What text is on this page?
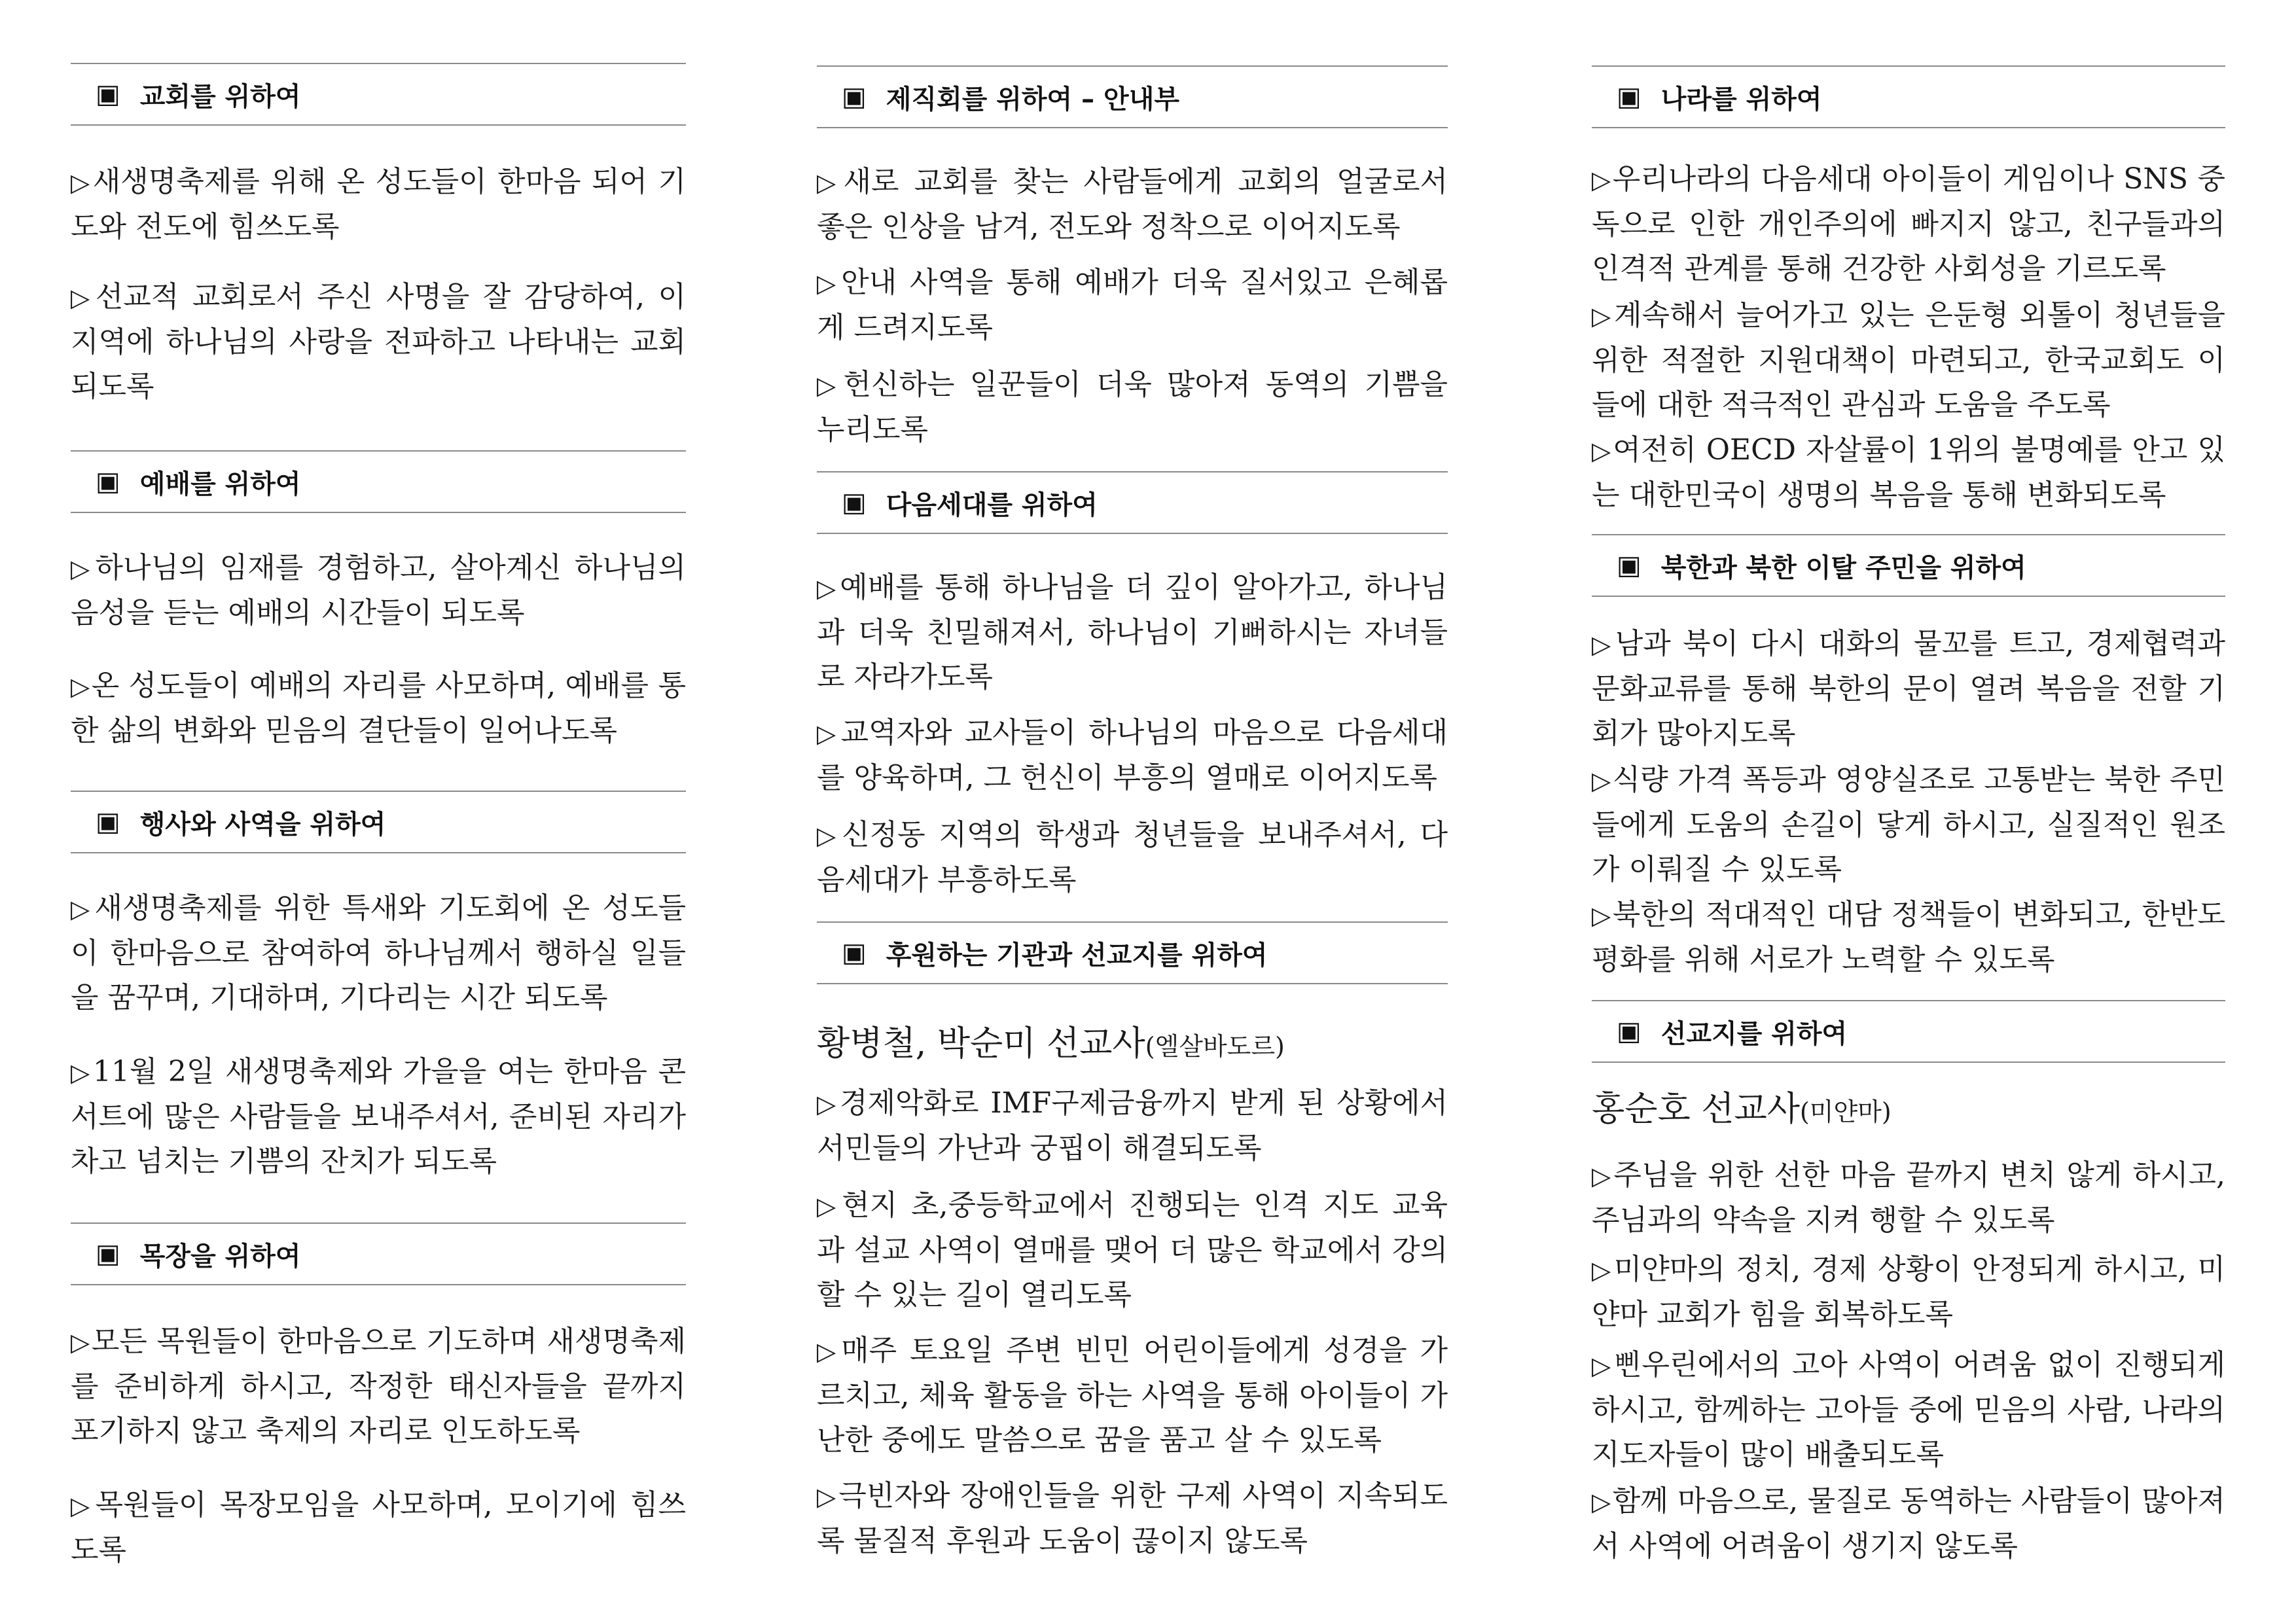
▣ 교회를 위하여
▷새생명축제를 위해 온 성도들이 한마음 되어 기도와 전도에 힘쓰도록
▷선교적 교회로서 주신 사명을 잘 감당하여, 이 지역에 하나님의 사랑을 전파하고 나타내는 교회 되도록
▣ 예배를 위하여
▷하나님의 임재를 경험하고, 살아계신 하나님의 음성을 듣는 예배의 시간들이 되도록
▷온 성도들이 예배의 자리를 사모하며, 예배를 통한 삶의 변화와 믿음의 결단들이 일어나도록
▣ 행사와 사역을 위하여
▷새생명축제를 위한 특새와 기도회에 온 성도들이 한마음으로 참여하여 하나님께서 행하실 일들을 꿈꾸며, 기대하며, 기다리는 시간 되도록
▷11월 2일 새생명축제와 가을을 여는 한마음 콘서트에 많은 사람들을 보내주셔서, 준비된 자리가 차고 넘치는 기쁨의 잔치가 되도록
▣ 목장을 위하여
▷모든 목원들이 한마음으로 기도하며 새생명축제를 준비하게 하시고, 작정한 태신자들을 끝까지 포기하지 않고 축제의 자리로 인도하도록
▷목원들이 목장모임을 사모하며, 모이기에 힘쓰도록
▣ 제직회를 위하여 – 안내부
▷새로 교회를 찾는 사람들에게 교회의 얼굴로서 좋은 인상을 남겨, 전도와 정착으로 이어지도록
▷안내 사역을 통해 예배가 더욱 질서있고 은혜롭게 드려지도록
▷헌신하는 일꾼들이 더욱 많아져 동역의 기쁨을 누리도록
▣ 다음세대를 위하여
▷예배를 통해 하나님을 더 깊이 알아가고, 하나님과 더욱 친밀해져서, 하나님이 기뻐하시는 자녀들로 자라가도록
▷교역자와 교사들이 하나님의 마음으로 다음세대를 양육하며, 그 헌신이 부흥의 열매로 이어지도록
▷신정동 지역의 학생과 청년들을 보내주셔서, 다음세대가 부흥하도록
▣ 후원하는 기관과 선교지를 위하여
황병철, 박순미 선교사(엘살바도르)
▷경제악화로 IMF구제금융까지 받게 된 상황에서 서민들의 가난과 궁핍이 해결되도록
▷현지 초,중등학교에서 진행되는 인격 지도 교육과 설교 사역이 열매를 맺어 더 많은 학교에서 강의할 수 있는 길이 열리도록
▷매주 토요일 주변 빈민 어린이들에게 성경을 가르치고, 체육 활동을 하는 사역을 통해 아이들이 가난한 중에도 말씀으로 꿈을 품고 살 수 있도록
▷극빈자와 장애인들을 위한 구제 사역이 지속되도록 물질적 후원과 도움이 끊이지 않도록
▣ 나라를 위하여
▷우리나라의 다음세대 아이들이 게임이나 SNS 중독으로 인한 개인주의에 빠지지 않고, 친구들과의 인격적 관계를 통해 건강한 사회성을 기르도록
▷계속해서 늘어가고 있는 은둔형 외톨이 청년들을 위한 적절한 지원대책이 마련되고, 한국교회도 이들에 대한 적극적인 관심과 도움을 주도록
▷여전히 OECD 자살률이 1위의 불명예를 안고 있는 대한민국이 생명의 복음을 통해 변화되도록
▣ 북한과 북한 이탈 주민을 위하여
▷남과 북이 다시 대화의 물꼬를 트고, 경제협력과 문화교류를 통해 북한의 문이 열려 복음을 전할 기회가 많아지도록
▷식량 가격 폭등과 영양실조로 고통받는 북한 주민들에게 도움의 손길이 닿게 하시고, 실질적인 원조가 이뤄질 수 있도록
▷북한의 적대적인 대담 정책들이 변화되고, 한반도 평화를 위해 서로가 노력할 수 있도록
▣ 선교지를 위하여
홍순호 선교사(미얀마)
▷주님을 위한 선한 마음 끝까지 변치 않게 하시고, 주님과의 약속을 지켜 행할 수 있도록
▷미얀마의 정치, 경제 상황이 안정되게 하시고, 미얀마 교회가 힘을 회복하도록
▷삔우린에서의 고아 사역이 어려움 없이 진행되게 하시고, 함께하는 고아들 중에 믿음의 사람, 나라의 지도자들이 많이 배출되도록
▷함께 마음으로, 물질로 동역하는 사람들이 많아져서 사역에 어려움이 생기지 않도록
